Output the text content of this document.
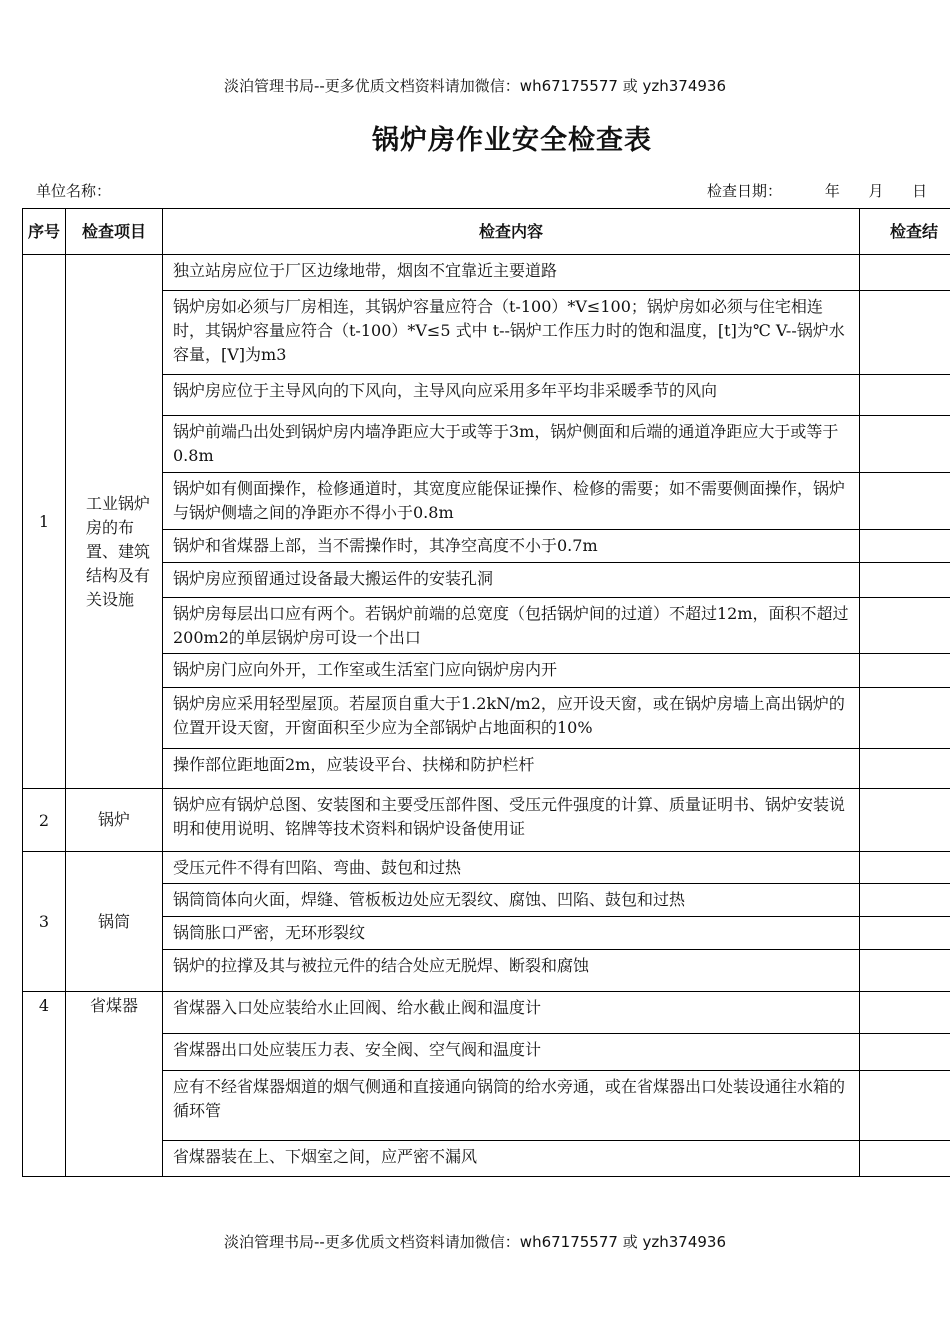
淡泊管理书局--更多优质文档资料请加微信：wh67175577 或 yzh374936
锅炉房作业安全检查表
单位名称：	检查日期：         年      月      日
序号	检查项目	检查内容	检查结
1	工业锅炉房的布置、建筑结构及有关设施	独立站房应位于厂区边缘地带，烟囱不宜靠近主要道路	
		锅炉房如必须与厂房相连，其锅炉容量应符合（t-100）*V≤100；锅炉房如必须与住宅相连时，其锅炉容量应符合（t-100）*V≤5 式中 t--锅炉工作压力时的饱和温度，[t]为℃ V--锅炉水容量，[V]为m3	

		锅炉房应位于主导风向的下风向，主导风向应采用多年平均非采暖季节的风向	

		锅炉前端凸出处到锅炉房内墙净距应大于或等于3m，锅炉侧面和后端的通道净距应大于或等于0.8m	
		锅炉如有侧面操作，检修通道时，其宽度应能保证操作、检修的需要；如不需要侧面操作，锅炉与锅炉侧墙之间的净距亦不得小于0.8m	
		锅炉和省煤器上部，当不需操作时，其净空高度不小于0.7m	
		锅炉房应预留通过设备最大搬运件的安装孔洞	
		锅炉房每层出口应有两个。若锅炉前端的总宽度（包括锅炉间的过道）不超过12m，面积不超过200m2的单层锅炉房可设一个出口	
		锅炉房门应向外开，工作室或生活室门应向锅炉房内开	
		锅炉房应采用轻型屋顶。若屋顶自重大于1.2kN/m2，应开设天窗，或在锅炉房墙上高出锅炉的位置开设天窗，开窗面积至少应为全部锅炉占地面积的10%	
		操作部位距地面2m，应装设平台、扶梯和防护栏杆	
2	锅炉	锅炉应有锅炉总图、安装图和主要受压部件图、受压元件强度的计算、质量证明书、锅炉安装说明和使用说明、铭牌等技术资料和锅炉设备使用证	
3	锅筒	受压元件不得有凹陷、弯曲、鼓包和过热	
		锅筒筒体向火面，焊缝、管板板边处应无裂纹、腐蚀、凹陷、鼓包和过热	
		锅筒胀口严密，无环形裂纹	
		锅炉的拉撑及其与被拉元件的结合处应无脱焊、断裂和腐蚀	
4	省煤器	省煤器入口处应装给水止回阀、给水截止阀和温度计	
		省煤器出口处应装压力表、安全阀、空气阀和温度计	
		应有不经省煤器烟道的烟气侧通和直接通向锅筒的给水旁通，或在省煤器出口处装设通往水箱的循环管	
		省煤器装在上、下烟室之间，应严密不漏风	
淡泊管理书局--更多优质文档资料请加微信：wh67175577 或 yzh374936
